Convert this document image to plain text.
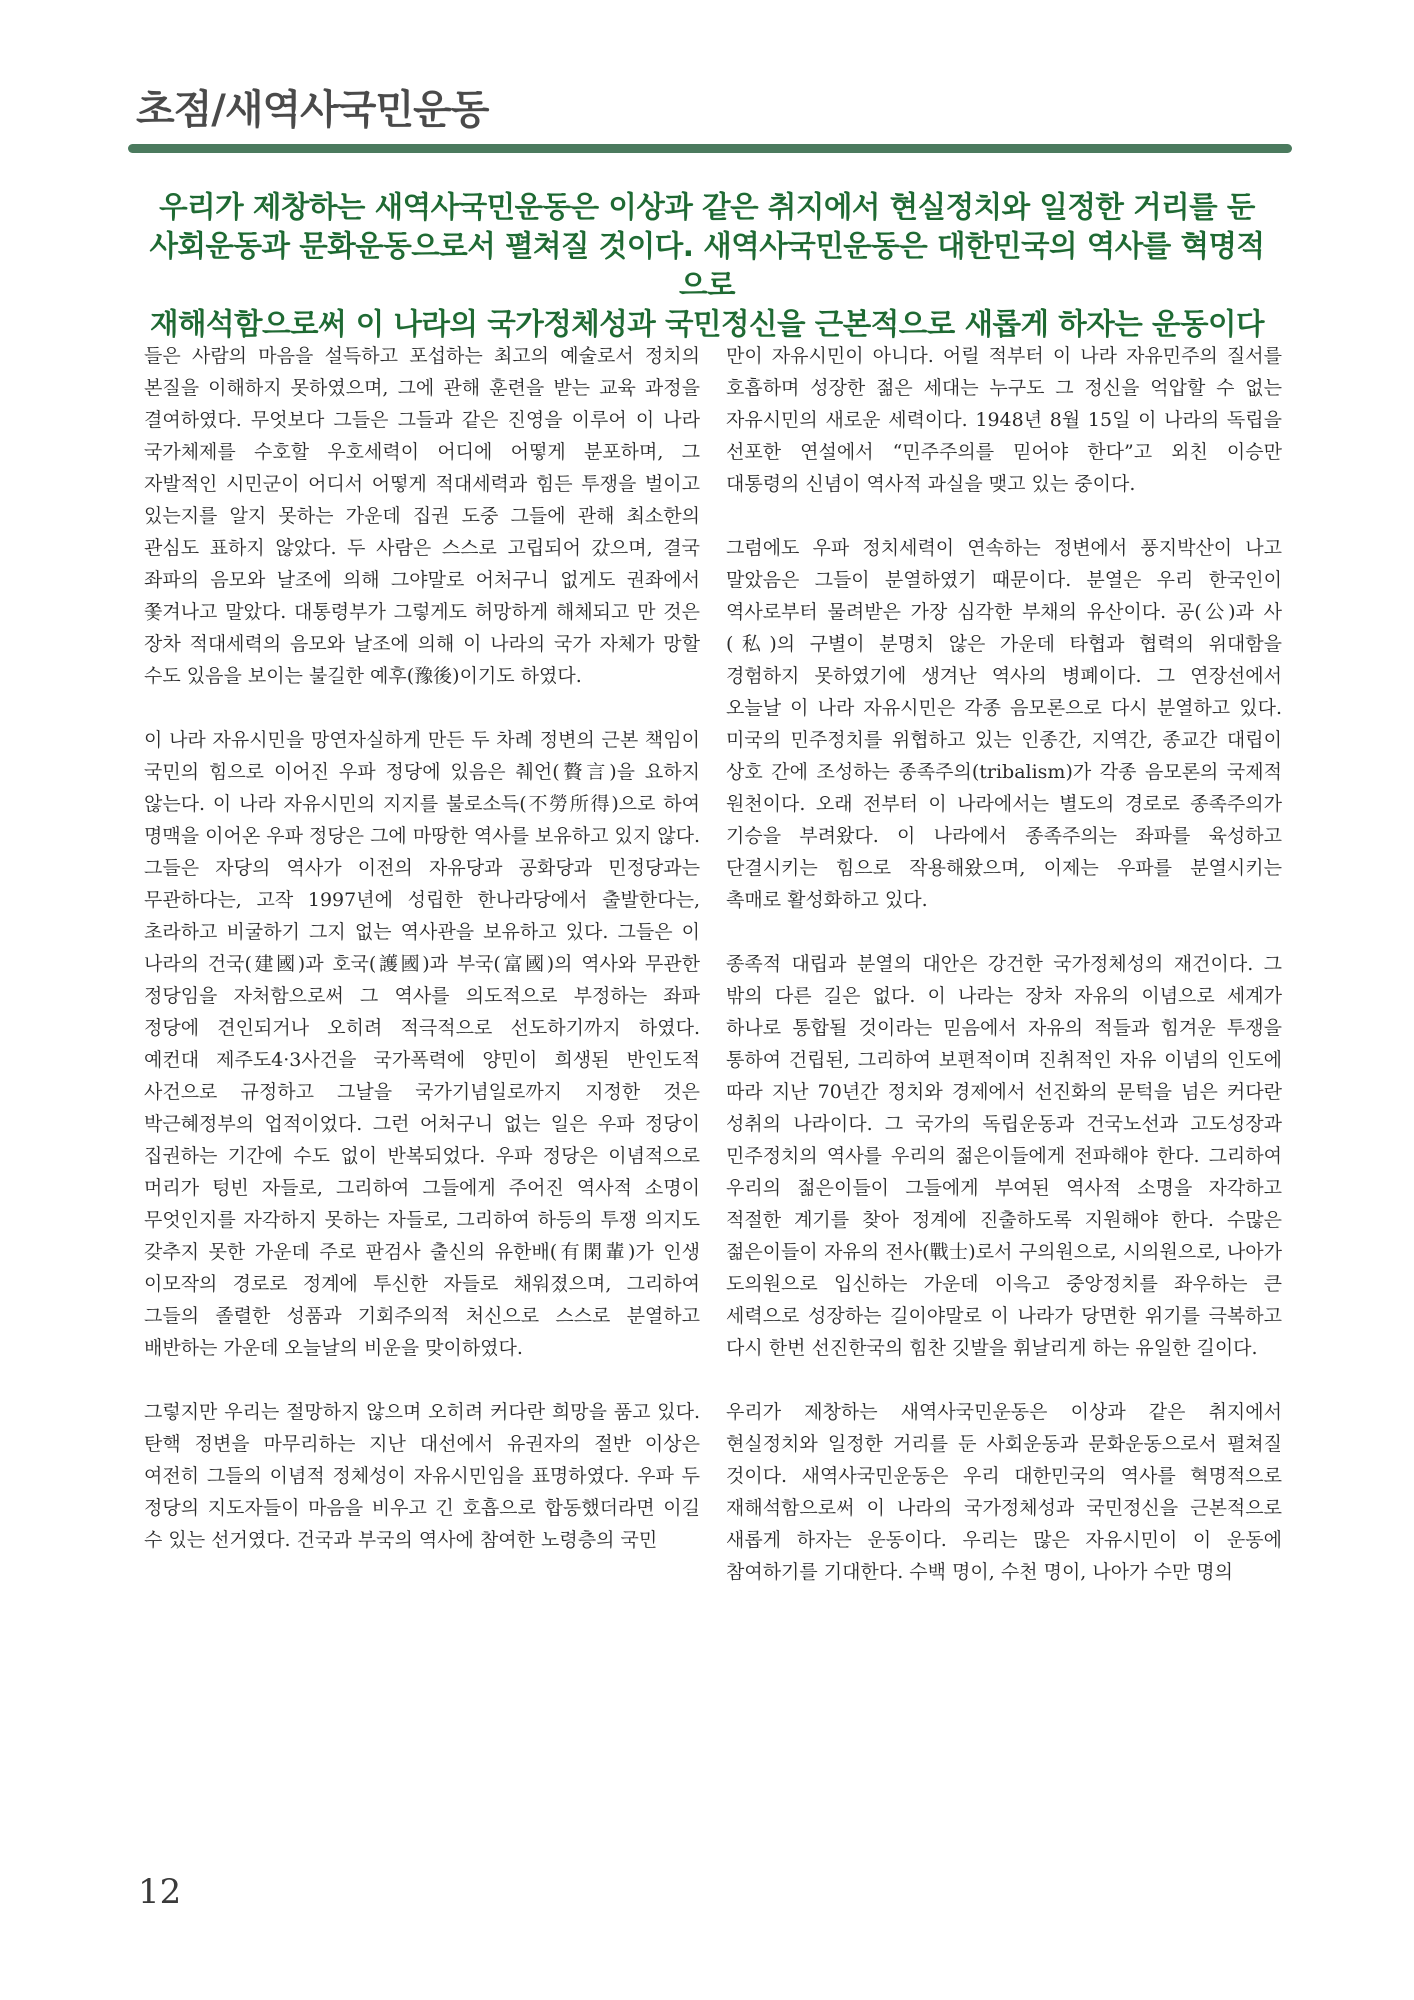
초점/새역사국민운동
우리가 제창하는 새역사국민운동은 이상과 같은 취지에서 현실정치와 일정한 거리를 둔
사회운동과 문화운동으로서 펼쳐질 것이다. 새역사국민운동은 대한민국의 역사를 혁명적으로
재해석함으로써 이 나라의 국가정체성과 국민정신을 근본적으로 새롭게 하자는 운동이다

들은 사람의 마음을 설득하고 포섭하는 최고의 예술로서 정치의 본질을 이해하지 못하였으며, 그에 관해 훈련을 받는 교육 과정을 결여하였다. 무엇보다 그들은 그들과 같은 진영을 이루어 이 나라 국가체제를 수호할 우호세력이 어디에 어떻게 분포하며, 그 자발적인 시민군이 어디서 어떻게 적대세력과 힘든 투쟁을 벌이고 있는지를 알지 못하는 가운데 집권 도중 그들에 관해 최소한의 관심도 표하지 않았다. 두 사람은 스스로 고립되어 갔으며, 결국 좌파의 음모와 날조에 의해 그야말로 어처구니 없게도 권좌에서 쫓겨나고 말았다. 대통령부가 그렇게도 허망하게 해체되고 만 것은 장차 적대세력의 음모와 날조에 의해 이 나라의 국가 자체가 망할 수도 있음을 보이는 불길한 예후(豫後)이기도 하였다.

이 나라 자유시민을 망연자실하게 만든 두 차례 정변의 근본 책임이 국민의 힘으로 이어진 우파 정당에 있음은 췌언(贅言)을 요하지 않는다. 이 나라 자유시민의 지지를 불로소득(不勞所得)으로 하여 명맥을 이어온 우파 정당은 그에 마땅한 역사를 보유하고 있지 않다. 그들은 자당의 역사가 이전의 자유당과 공화당과 민정당과는 무관하다는, 고작 1997년에 성립한 한나라당에서 출발한다는, 초라하고 비굴하기 그지 없는 역사관을 보유하고 있다. 그들은 이 나라의 건국(建國)과 호국(護國)과 부국(富國)의 역사와 무관한 정당임을 자처함으로써 그 역사를 의도적으로 부정하는 좌파 정당에 견인되거나 오히려 적극적으로 선도하기까지 하였다. 예컨대 제주도4·3사건을 국가폭력에 양민이 희생된 반인도적 사건으로 규정하고 그날을 국가기념일로까지 지정한 것은 박근혜정부의 업적이었다. 그런 어처구니 없는 일은 우파 정당이 집권하는 기간에 수도 없이 반복되었다. 우파 정당은 이념적으로 머리가 텅빈 자들로, 그리하여 그들에게 주어진 역사적 소명이 무엇인지를 자각하지 못하는 자들로, 그리하여 하등의 투쟁 의지도 갖추지 못한 가운데 주로 판검사 출신의 유한배(有閑輩)가 인생 이모작의 경로로 정계에 투신한 자들로 채워졌으며, 그리하여 그들의 졸렬한 성품과 기회주의적 처신으로 스스로 분열하고 배반하는 가운데 오늘날의 비운을 맞이하였다.

그렇지만 우리는 절망하지 않으며 오히려 커다란 희망을 품고 있다. 탄핵 정변을 마무리하는 지난 대선에서 유권자의 절반 이상은 여전히 그들의 이념적 정체성이 자유시민임을 표명하였다. 우파 두 정당의 지도자들이 마음을 비우고 긴 호흡으로 합동했더라면 이길 수 있는 선거였다. 건국과 부국의 역사에 참여한 노령층의 국민

만이 자유시민이 아니다. 어릴 적부터 이 나라 자유민주의 질서를 호흡하며 성장한 젊은 세대는 누구도 그 정신을 억압할 수 없는 자유시민의 새로운 세력이다. 1948년 8월 15일 이 나라의 독립을 선포한 연설에서 “민주주의를 믿어야 한다”고 외친 이승만 대통령의 신념이 역사적 과실을 맺고 있는 중이다.

그럼에도 우파 정치세력이 연속하는 정변에서 풍지박산이 나고 말았음은 그들이 분열하였기 때문이다. 분열은 우리 한국인이 역사로부터 물려받은 가장 심각한 부채의 유산이다. 공(公)과 사(私)의 구별이 분명치 않은 가운데 타협과 협력의 위대함을 경험하지 못하였기에 생겨난 역사의 병폐이다. 그 연장선에서 오늘날 이 나라 자유시민은 각종 음모론으로 다시 분열하고 있다. 미국의 민주정치를 위협하고 있는 인종간, 지역간, 종교간 대립이 상호 간에 조성하는 종족주의(tribalism)가 각종 음모론의 국제적 원천이다. 오래 전부터 이 나라에서는 별도의 경로로 종족주의가 기승을 부려왔다. 이 나라에서 종족주의는 좌파를 육성하고 단결시키는 힘으로 작용해왔으며, 이제는 우파를 분열시키는 촉매로 활성화하고 있다.

종족적 대립과 분열의 대안은 강건한 국가정체성의 재건이다. 그 밖의 다른 길은 없다. 이 나라는 장차 자유의 이념으로 세계가 하나로 통합될 것이라는 믿음에서 자유의 적들과 힘겨운 투쟁을 통하여 건립된, 그리하여 보편적이며 진취적인 자유 이념의 인도에 따라 지난 70년간 정치와 경제에서 선진화의 문턱을 넘은 커다란 성취의 나라이다. 그 국가의 독립운동과 건국노선과 고도성장과 민주정치의 역사를 우리의 젊은이들에게 전파해야 한다. 그리하여 우리의 젊은이들이 그들에게 부여된 역사적 소명을 자각하고 적절한 계기를 찾아 정계에 진출하도록 지원해야 한다. 수많은 젊은이들이 자유의 전사(戰士)로서 구의원으로, 시의원으로, 나아가 도의원으로 입신하는 가운데 이윽고 중앙정치를 좌우하는 큰 세력으로 성장하는 길이야말로 이 나라가 당면한 위기를 극복하고 다시 한번 선진한국의 힘찬 깃발을 휘날리게 하는 유일한 길이다.

우리가 제창하는 새역사국민운동은 이상과 같은 취지에서 현실정치와 일정한 거리를 둔 사회운동과 문화운동으로서 펼쳐질 것이다. 새역사국민운동은 우리 대한민국의 역사를 혁명적으로 재해석함으로써 이 나라의 국가정체성과 국민정신을 근본적으로 새롭게 하자는 운동이다. 우리는 많은 자유시민이 이 운동에 참여하기를 기대한다. 수백 명이, 수천 명이, 나아가 수만 명의

12
